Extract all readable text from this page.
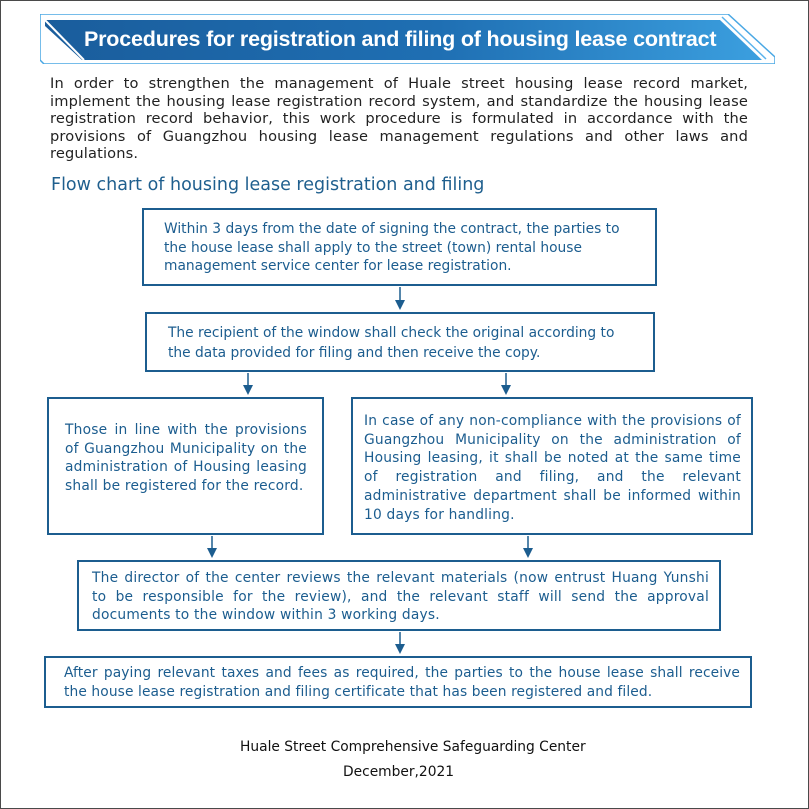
Procedures for registration and filing of housing lease contract
In order to strengthen the management of Huale street housing lease record market, implement the housing lease registration record system, and standardize the housing lease registration record behavior, this work procedure is formulated in accordance with the provisions of Guangzhou housing lease management regulations and other laws and regulations.
Flow chart of housing lease registration and filing

Within 3 days from the date of signing the contract, the parties to the house lease shall apply to the street (town) rental house management service center for lease registration.

The recipient of the window shall check the original according to the data provided for filing and then receive the copy.

Those in line with the provisions of Guangzhou Municipality on the administration of Housing leasing shall be registered for the record.

In case of any non-compliance with the provisions of Guangzhou Municipality on the administration of Housing leasing, it shall be noted at the same time of registration and filing, and the relevant administrative department shall be informed within 10 days for handling.

The director of the center reviews the relevant materials (now entrust Huang Yunshi to be responsible for the review), and the relevant staff will send the approval documents to the window within 3 working days.

After paying relevant taxes and fees as required, the parties to the house lease shall receive the house lease registration and filing certificate that has been registered and filed.

Huale Street Comprehensive Safeguarding Center
December,2021
